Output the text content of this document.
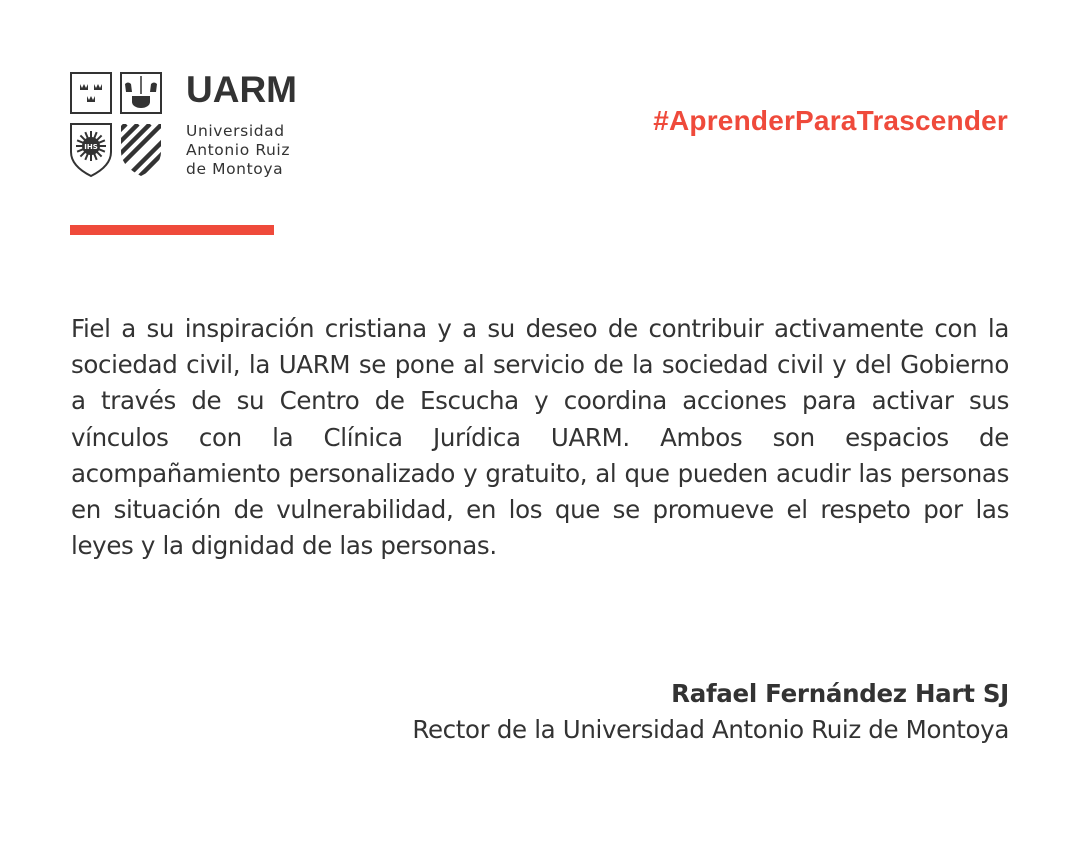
IHS
UARM
Universidad
Antonio Ruiz
de Montoya
#AprenderParaTrascender

Fiel a su inspiración cristiana y a su deseo de contribuir activamente con la sociedad civil, la UARM se pone al servicio de la sociedad civil y del Gobierno a través de su Centro de Escucha y coordina acciones para activar sus vínculos con la Clínica Jurídica UARM. Ambos son espacios de acompañamiento personalizado y gratuito, al que pueden acudir las personas en situación de vulnerabilidad, en los que se promueve el respeto por las leyes y la dignidad de las personas.

Rafael Fernández Hart SJ
Rector de la Universidad Antonio Ruiz de Montoya
